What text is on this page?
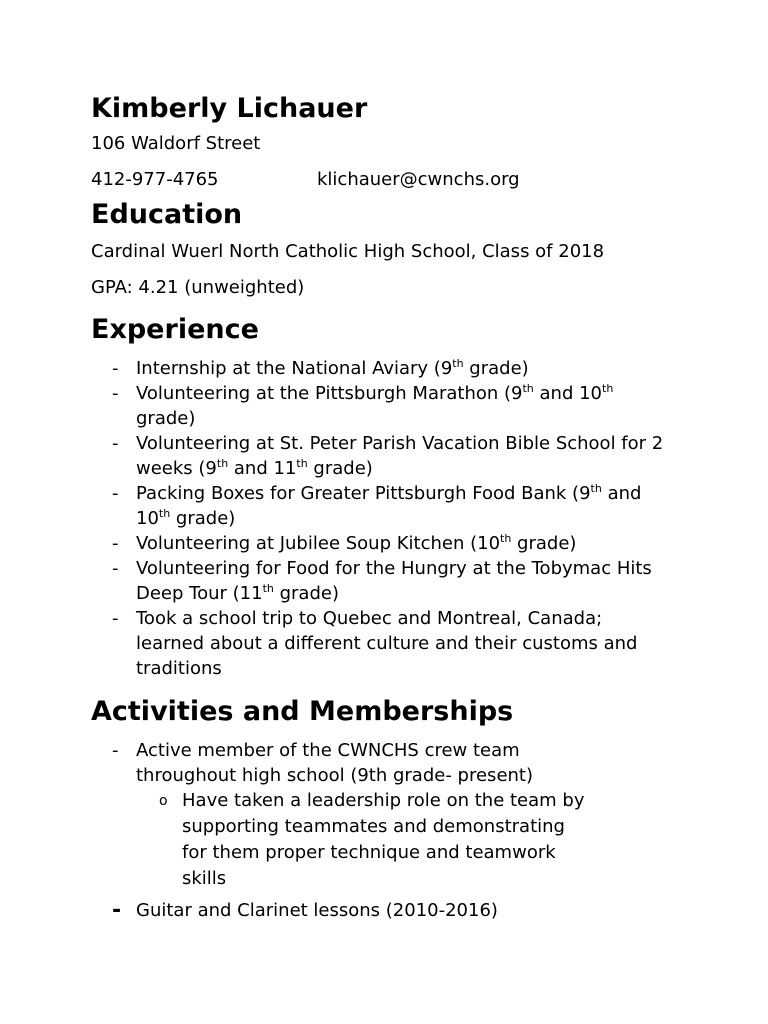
Kimberly Lichauer
106 Waldorf Street
412-977-4765	klichauer@cwnchs.org
Education
Cardinal Wuerl North Catholic High School, Class of 2018
GPA: 4.21 (unweighted)
Experience
- Internship at the National Aviary (9th grade)
- Volunteering at the Pittsburgh Marathon (9th and 10th grade)
- Volunteering at St. Peter Parish Vacation Bible School for 2 weeks (9th and 11th grade)
- Packing Boxes for Greater Pittsburgh Food Bank (9th and 10th grade)
- Volunteering at Jubilee Soup Kitchen (10th grade)
- Volunteering for Food for the Hungry at the Tobymac Hits Deep Tour (11th grade)
- Took a school trip to Quebec and Montreal, Canada; learned about a different culture and their customs and traditions
Activities and Memberships
- Active member of the CWNCHS crew team throughout high school (9th grade- present)
o Have taken a leadership role on the team by supporting teammates and demonstrating for them proper technique and teamwork skills
- Guitar and Clarinet lessons (2010-2016)
